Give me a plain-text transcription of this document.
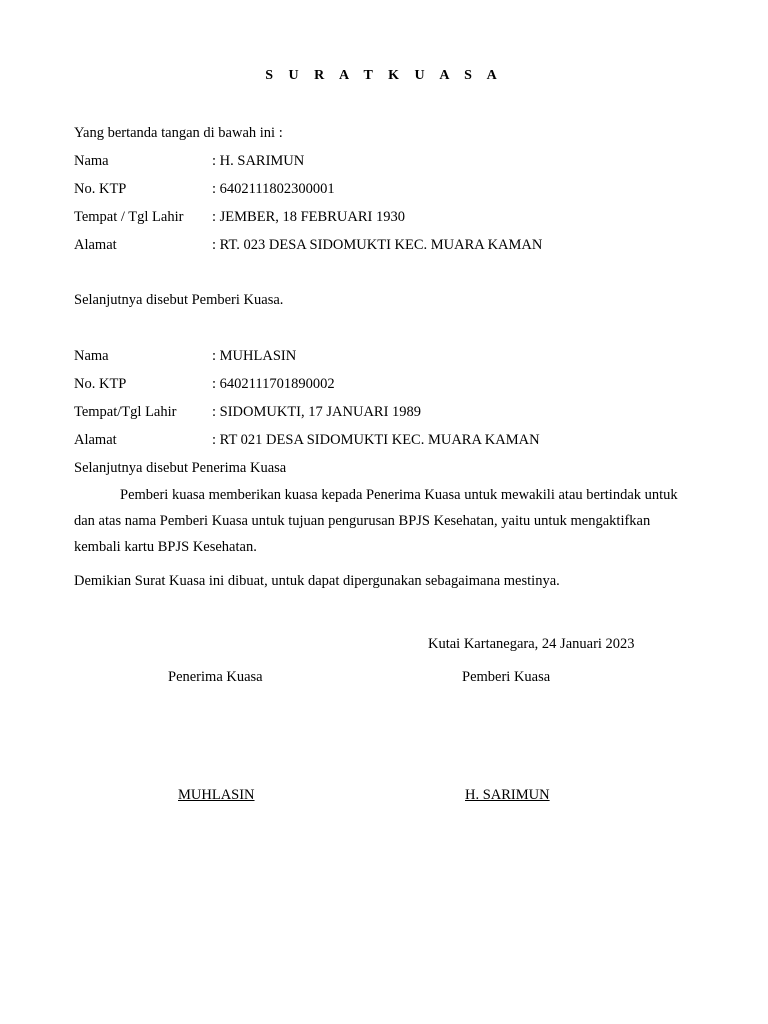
S U R A T K U A S A
Yang bertanda tangan di bawah ini :
Nama	: H. SARIMUN
No. KTP	: 6402111802300001
Tempat / Tgl Lahir : JEMBER, 18 FEBRUARI 1930
Alamat	: RT. 023 DESA SIDOMUKTI KEC. MUARA KAMAN
Selanjutnya disebut Pemberi Kuasa.
Nama	: MUHLASIN
No. KTP	: 6402111701890002
Tempat/Tgl Lahir : SIDOMUKTI, 17 JANUARI 1989
Alamat	: RT 021 DESA SIDOMUKTI KEC. MUARA KAMAN
Selanjutnya disebut Penerima Kuasa
Pemberi kuasa memberikan kuasa kepada Penerima Kuasa untuk mewakili atau bertindak untuk dan atas nama Pemberi Kuasa untuk tujuan pengurusan BPJS Kesehatan, yaitu untuk mengaktifkan kembali kartu BPJS Kesehatan.
Demikian Surat Kuasa ini dibuat, untuk dapat dipergunakan sebagaimana mestinya.
Kutai Kartanegara, 24 Januari 2023
Penerima Kuasa	Pemberi Kuasa
MUHLASIN	H. SARIMUN
